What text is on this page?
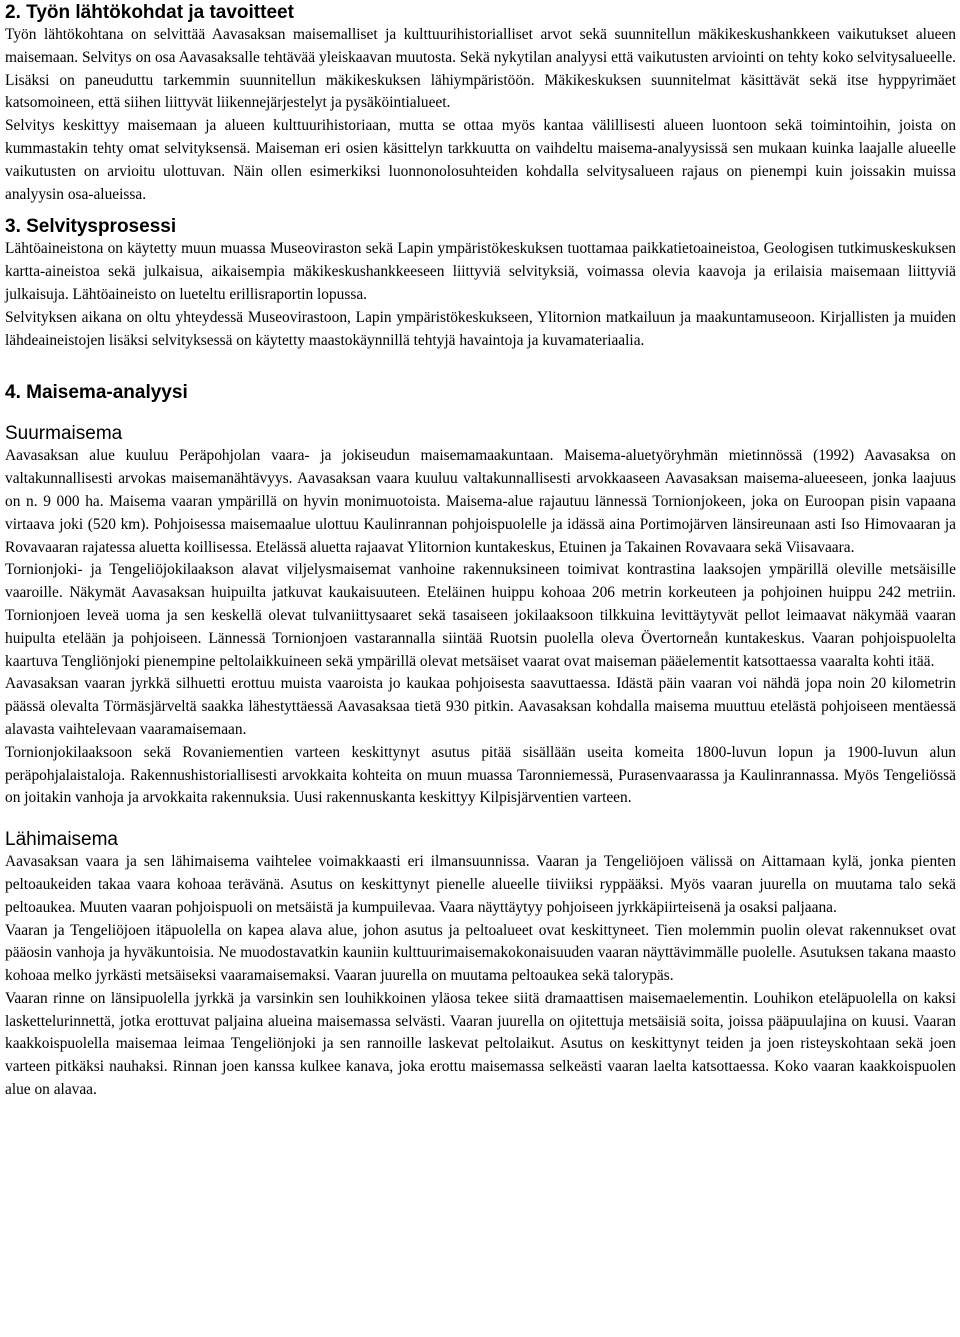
2. Työn lähtökohdat ja tavoitteet

Työn lähtökohtana on selvittää Aavasaksan maisemalliset ja kulttuurihistorialliset arvot sekä suunnitellun mäkikeskushankkeen vaikutukset alueen maisemaan. Selvitys on osa Aavasaksalle tehtävää yleiskaavan muutosta. Sekä nykytilan analyysi että vaikutusten arviointi on tehty koko selvitysalueelle. Lisäksi on paneuduttu tarkemmin suunnitellun mäkikeskuksen lähiympäristöön. Mäkikeskuksen suunnitelmat käsittävät sekä itse hyppyrimäet katsomoineen, että siihen liittyvät liikennejärjestelyt ja pysäköintialueet.

Selvitys keskittyy maisemaan ja alueen kulttuurihistoriaan, mutta se ottaa myös kantaa välillisesti alueen luontoon sekä toimintoihin, joista on kummastakin tehty omat selvityksensä. Maiseman eri osien käsittelyn tarkkuutta on vaihdeltu maisema-analyysissä sen mukaan kuinka laajalle alueelle vaikutusten on arvioitu ulottuvan. Näin ollen esimerkiksi luonnonolosuhteiden kohdalla selvitysalueen rajaus on pienempi kuin joissakin muissa analyysin osa-alueissa.

3. Selvitysprosessi

Lähtöaineistona on käytetty muun muassa Museoviraston sekä Lapin ympäristökeskuksen tuottamaa paikkatietoaineistoa, Geologisen tutkimuskeskuksen kartta-aineistoa sekä julkaisua, aikaisempia mäkikeskushankkeeseen liittyviä selvityksiä, voimassa olevia kaavoja ja erilaisia maisemaan liittyviä julkaisuja. Lähtöaineisto on lueteltu erillisraportin lopussa.

Selvityksen aikana on oltu yhteydessä Museovirastoon, Lapin ympäristökeskukseen, Ylitornion matkailuun ja maakuntamuseoon. Kirjallisten ja muiden lähdeaineistojen lisäksi selvityksessä on käytetty maastokäynnillä tehtyjä havaintoja ja kuvamateriaalia.

4. Maisema-analyysi
Suurmaisema

Aavasaksan alue kuuluu Peräpohjolan vaara- ja jokiseudun maisemamaakuntaan. Maisema-aluetyöryhmän mietinnössä (1992) Aavasaksa on valtakunnallisesti arvokas maisemanähtävyys. Aavasaksan vaara kuuluu valtakunnallisesti arvokkaaseen Aavasaksan maisema-alueeseen, jonka laajuus on n. 9 000 ha. Maisema vaaran ympärillä on hyvin monimuotoista. Maisema-alue rajautuu lännessä Tornionjokeen, joka on Euroopan pisin vapaana virtaava joki (520 km). Pohjoisessa maisemaalue ulottuu Kaulinrannan pohjoispuolelle ja idässä aina Portimojärven länsireunaan asti Iso Himovaaran ja Rovavaaran rajatessa aluetta koillisessa. Etelässä aluetta rajaavat Ylitornion kuntakeskus, Etuinen ja Takainen Rovavaara sekä Viisavaara.

Tornionjoki- ja Tengeliöjokilaakson alavat viljelysmaisemat vanhoine rakennuksineen toimivat kontrastina laaksojen ympärillä oleville metsäisille vaaroille. Näkymät Aavasaksan huipuilta jatkuvat kaukaisuuteen. Eteläinen huippu kohoaa 206 metrin korkeuteen ja pohjoinen huippu 242 metriin. Tornionjoen leveä uoma ja sen keskellä olevat tulvaniittysaaret sekä tasaiseen jokilaaksoon tilkkuina levittäytyvät pellot leimaavat näkymää vaaran huipulta etelään ja pohjoiseen. Lännessä Tornionjoen vastarannalla siintää Ruotsin puolella oleva Övertorneån kuntakeskus. Vaaran pohjoispuolelta kaartuva Tengliönjoki pienempine peltolaikkuineen sekä ympärillä olevat metsäiset vaarat ovat maiseman pääelementit katsottaessa vaaralta kohti itää.

Aavasaksan vaaran jyrkkä silhuetti erottuu muista vaaroista jo kaukaa pohjoisesta saavuttaessa. Idästä päin vaaran voi nähdä jopa noin 20 kilometrin päässä olevalta Törmäsjärveltä saakka lähestyttäessä Aavasaksaa tietä 930 pitkin. Aavasaksan kohdalla maisema muuttuu etelästä pohjoiseen mentäessä alavasta vaihtelevaan vaaramaisemaan.

Tornionjokilaaksoon sekä Rovaniementien varteen keskittynyt asutus pitää sisällään useita komeita 1800-luvun lopun ja 1900-luvun alun peräpohjalaistaloja. Rakennushistoriallisesti arvokkaita kohteita on muun muassa Taronniemessä, Purasenvaarassa ja Kaulinrannassa. Myös Tengeliössä on joitakin vanhoja ja arvokkaita rakennuksia. Uusi rakennuskanta keskittyy Kilpisjärventien varteen.

Lähimaisema

Aavasaksan vaara ja sen lähimaisema vaihtelee voimakkaasti eri ilmansuunnissa. Vaaran ja Tengeliöjoen välissä on Aittamaan kylä, jonka pienten peltoaukeiden takaa vaara kohoaa terävänä. Asutus on keskittynyt pienelle alueelle tiiviiksi ryppääksi. Myös vaaran juurella on muutama talo sekä peltoaukea. Muuten vaaran pohjoispuoli on metsäistä ja kumpuilevaa. Vaara näyttäytyy pohjoiseen jyrkkäpiirteisenä ja osaksi paljaana.

Vaaran ja Tengeliöjoen itäpuolella on kapea alava alue, johon asutus ja peltoalueet ovat keskittyneet. Tien molemmin puolin olevat rakennukset ovat pääosin vanhoja ja hyväkuntoisia. Ne muodostavatkin kauniin kulttuurimaisemakokonaisuuden vaaran näyttävimmälle puolelle. Asutuksen takana maasto kohoaa melko jyrkästi metsäiseksi vaaramaisemaksi. Vaaran juurella on muutama peltoaukea sekä talorypäs.

Vaaran rinne on länsipuolella jyrkkä ja varsinkin sen louhikkoinen yläosa tekee siitä dramaattisen maisemaelementin. Louhikon eteläpuolella on kaksi laskettelurinnettä, jotka erottuvat paljaina alueina maisemassa selvästi. Vaaran juurella on ojitettuja metsäisiä soita, joissa pääpuulajina on kuusi. Vaaran kaakkoispuolella maisemaa leimaa Tengeliönjoki ja sen rannoille laskevat peltolaikut. Asutus on keskittynyt teiden ja joen risteyskohtaan sekä joen varteen pitkäksi nauhaksi. Rinnan joen kanssa kulkee kanava, joka erottu maisemassa selkeästi vaaran laelta katsottaessa. Koko vaaran kaakkoispuolen alue on alavaa.
